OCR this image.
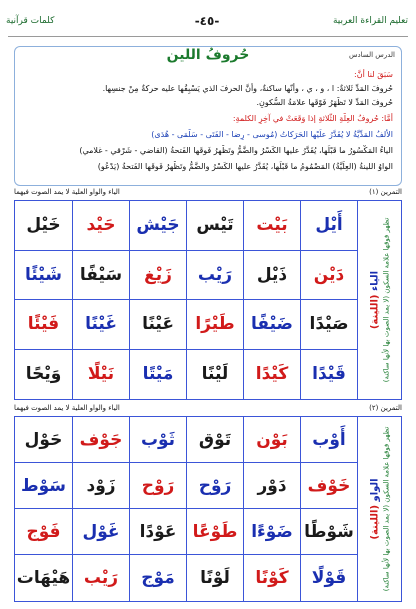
تعليم القراءة العربية
-٤٥-
كلمات قرآنية
الدرس السادس
حُروفُ اللين
سَبَقَ لنا أنَّ:
حُروفَ المَدِّ ثَلاثةٌ: ا ، و ، ي ، وأنّها ساكنةٌ، وأنَّ الحرفَ الذي يَسْبِقُها عليه حركةٌ مِنْ جنسِها.
حُروفَ المَدِّ لا تَظْهَرُ فَوْقَها علامَةُ السُّكونِ.
أمَّا: حُروفُ العِلَّةِ الثَّلاثةِ إذا وَقَعَتْ في آخِرِ الكلمةِ:
الألفُ المَدِّيَّةُ لا يُقَدَّرُ علَيْها الحَرَكاتُ (مُوسى - رِضا - الفَتَى - سَلْمَى - هُدَى)
الياءُ المَكْسُورُ ما قَبْلَها، يُقَدَّرُ عليها الكَسْرُ والضَّمُّ وتَظْهرُ فَوقَها الفَتحةُ (القاضي - شَرْقي - غلامي)
الواوُ اللينةُ (العِلِّيَّةُ) المَضْمُومُ ما قَبْلَها، يُقَدَّرُ عليها الكَسْرُ والضَّمُّ وتَظْهرُ فَوقَها الفَتحةُ (يَدْعُو)
التمرين (١)
الياء والواو العلية لا يمد الصوت فيهما
الياء (اللينة) تظهر فوقها علامة السكون (لا يمد الصوت بها لأنها ساكنة)
أَيْل
بَيْت
تَيْس
جَيْش
حَيْد
خَيْل
دَيْن
ذَيْل
رَيْب
زَيْغ
سَيْفًا
شَيْئًا
صَيْدًا
ضَيْفًا
طَيْرًا
عَيْنًا
غَيْنًا
فَيْئًا
قَيْدًا
كَيْدًا
لَيْنًا
مَيْتًا
نَيْلًا
وَيْحًا
التمرين (٢)
الياء والواو العلية لا يمد الصوت فيهما
الواو (اللينة) تظهر فوقها علامة السكون (لا يمد الصوت بها لأنها ساكنة)
أَوْب
بَوْن
تَوْق
ثَوْب
جَوْف
حَوْل
خَوْف
دَوْر
رَوْح
رَوْح
زَوْد
سَوْط
شَوْطًا
ضَوْءًا
طَوْعًا
عَوْدًا
غَوْل
فَوْج
قَوْلًا
كَوْنًا
لَوْنًا
مَوْج
رَيْب
هَيْهَات
